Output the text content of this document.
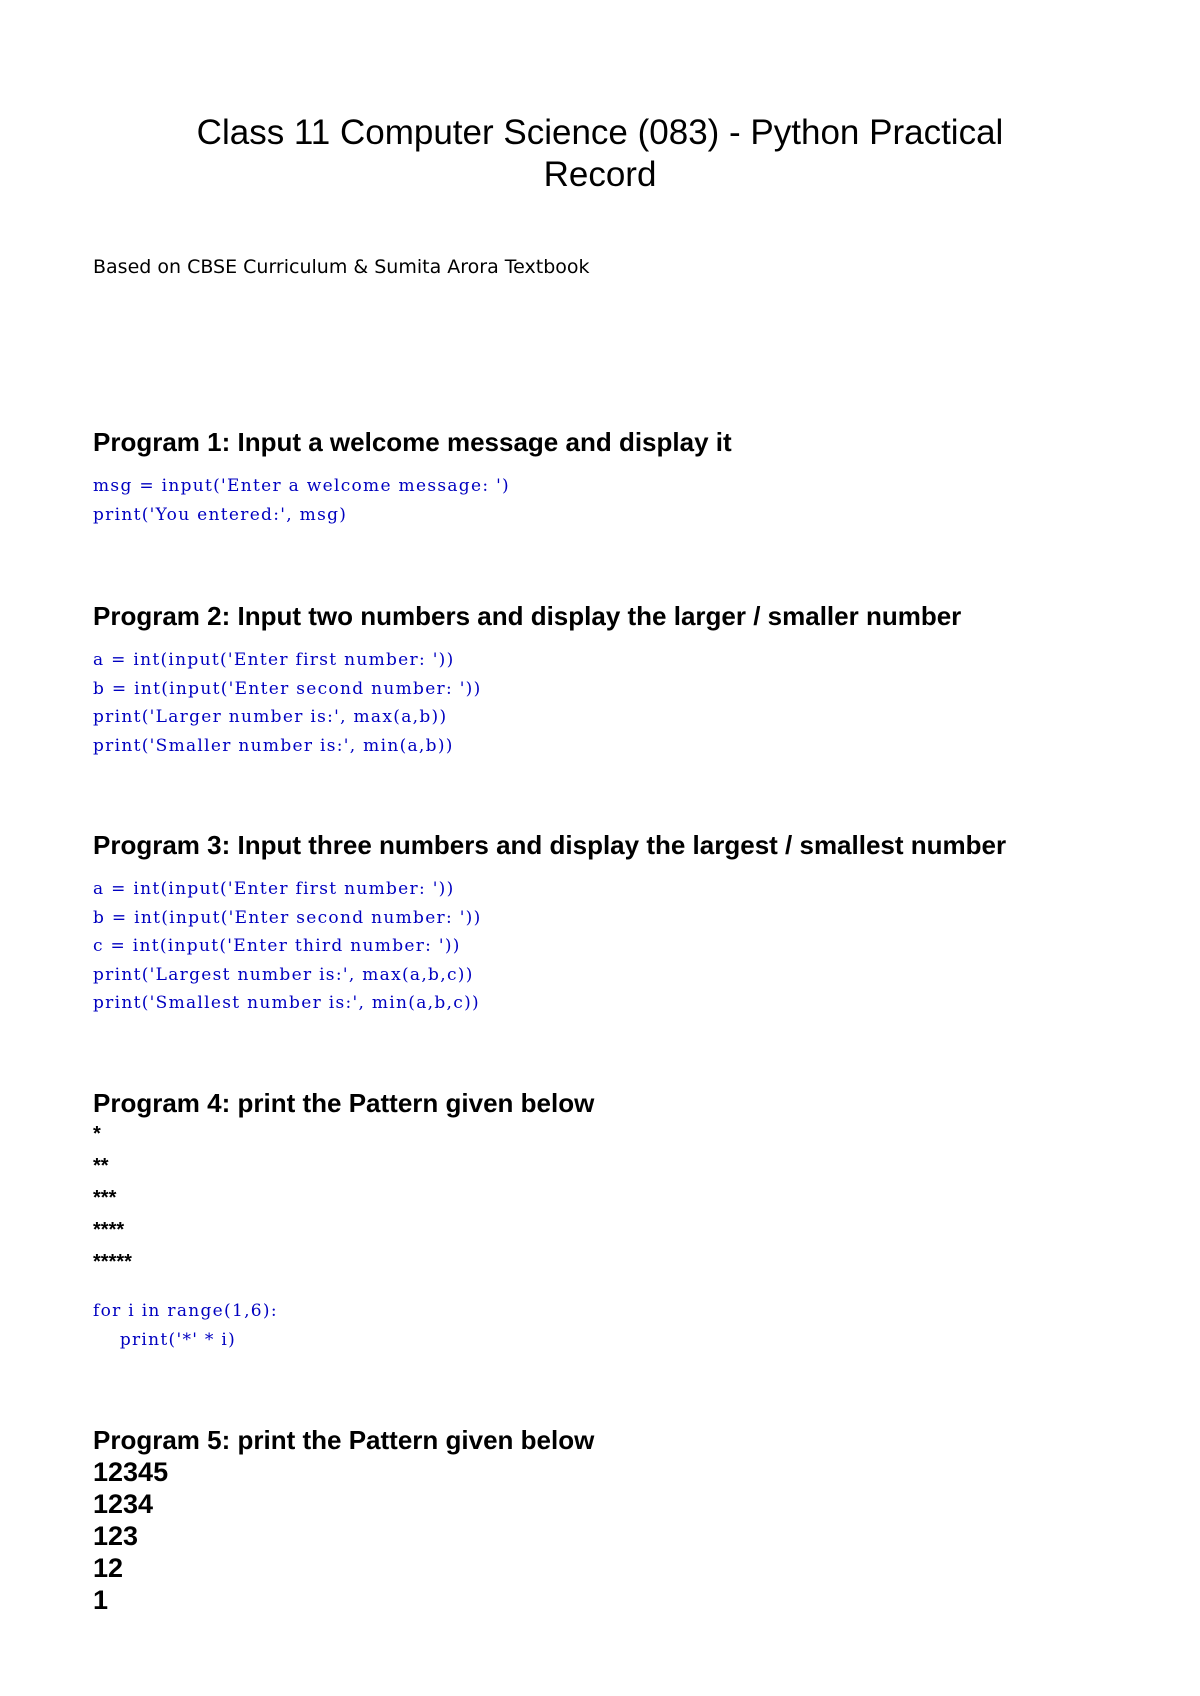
Class 11 Computer Science (083) - Python Practical Record

Based on CBSE Curriculum & Sumita Arora Textbook

Program 1: Input a welcome message and display it
msg = input('Enter a welcome message: ')
print('You entered:', msg)
Program 2: Input two numbers and display the larger / smaller number
a = int(input('Enter first number: '))
b = int(input('Enter second number: '))
print('Larger number is:', max(a,b))
print('Smaller number is:', min(a,b))
Program 3: Input three numbers and display the largest / smallest number
a = int(input('Enter first number: '))
b = int(input('Enter second number: '))
c = int(input('Enter third number: '))
print('Largest number is:', max(a,b,c))
print('Smallest number is:', min(a,b,c))
Program 4: print the Pattern given below
*
**
***
****
*****
for i in range(1,6):
print('*' * i)
Program 5: print the Pattern given below
12345
1234
123
12
1
